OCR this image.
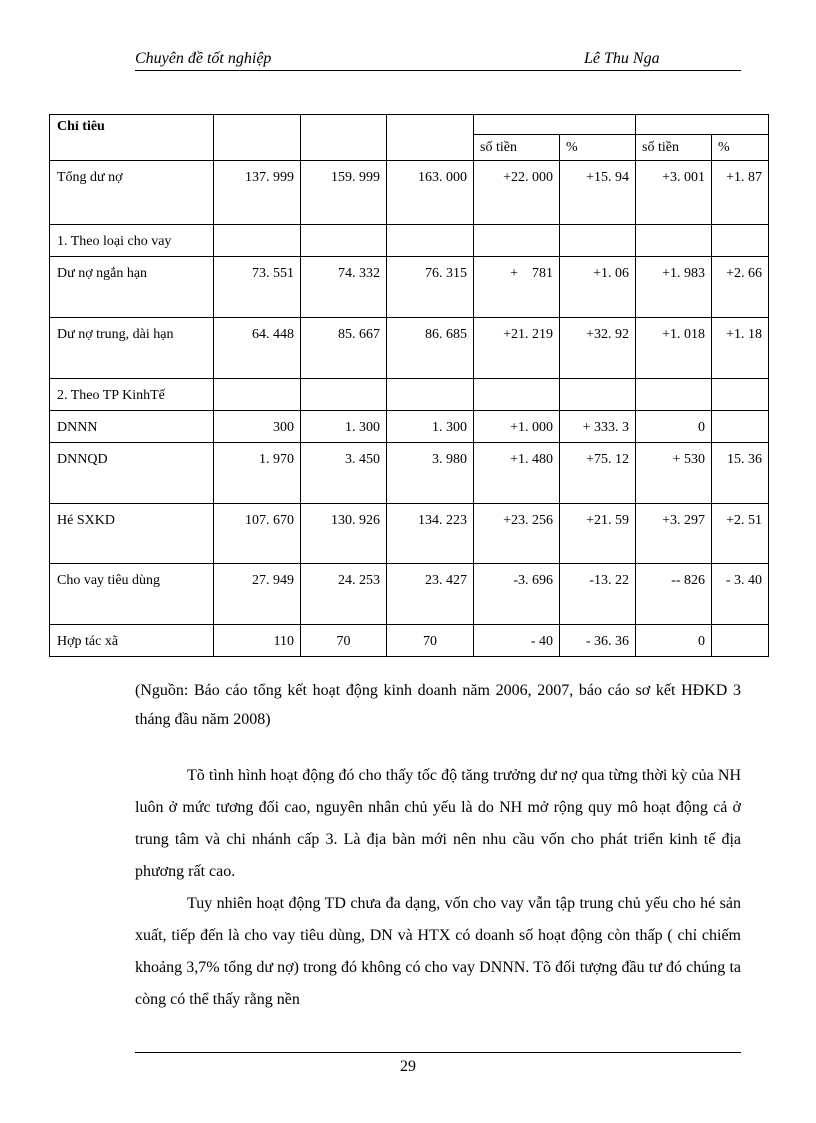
Chuyên đề tốt nghiệp	Lê Thu Nga
Chỉ tiêu							
				số tiền	%	số tiền	%
Tổng dư nợ	137. 999	159. 999	163. 000	+22. 000	+15. 94	+3. 001	+1. 87
1. Theo loại cho vay							
Dư nợ ngắn hạn	73. 551	74. 332	76. 315	+    781	+1. 06	+1. 983	+2. 66
Dư nợ trung, dài hạn	64. 448	85. 667	86. 685	+21. 219	+32. 92	+1. 018	+1. 18
2. Theo TP KinhTế							
DNNN	300	1. 300	1. 300	+1. 000	+ 333. 3	0	
DNNQD	1. 970	3. 450	3. 980	+1. 480	+75. 12	+ 530	15. 36
Hé SXKD	107. 670	130. 926	134. 223	+23. 256	+21. 59	+3. 297	+2. 51
Cho vay tiêu dùng	27. 949	24. 253	23. 427	-3. 696	-13. 22	-- 826	- 3. 40
Hợp tác xã	110	70	70	- 40	- 36. 36	0	
(Nguồn: Báo cáo tổng kết hoạt động kinh doanh năm 2006, 2007, báo cáo sơ kết HĐKD 3 tháng đầu năm 2008)
Tõ tình hình hoạt động đó cho thấy tốc độ tăng trưởng dư nợ qua từng thời kỳ của NH luôn ở mức tương đối cao, nguyên nhân chủ yếu là do NH mở rộng quy mô hoạt động cả ở trung tâm và chi nhánh cấp 3. Là địa bàn mới nên nhu cầu vốn cho phát triển kinh tế địa phương rất cao.
Tuy nhiên hoạt động TD chưa đa dạng, vốn cho vay vẫn tập trung chủ yếu cho hé sản xuất, tiếp đến là cho vay tiêu dùng, DN và HTX có doanh số hoạt động còn thấp ( chỉ chiếm khoảng 3,7% tổng dư nợ) trong đó không có cho vay DNNN. Tõ đối tượng đầu tư đó chúng ta còng có thể thấy rằng nền
29
